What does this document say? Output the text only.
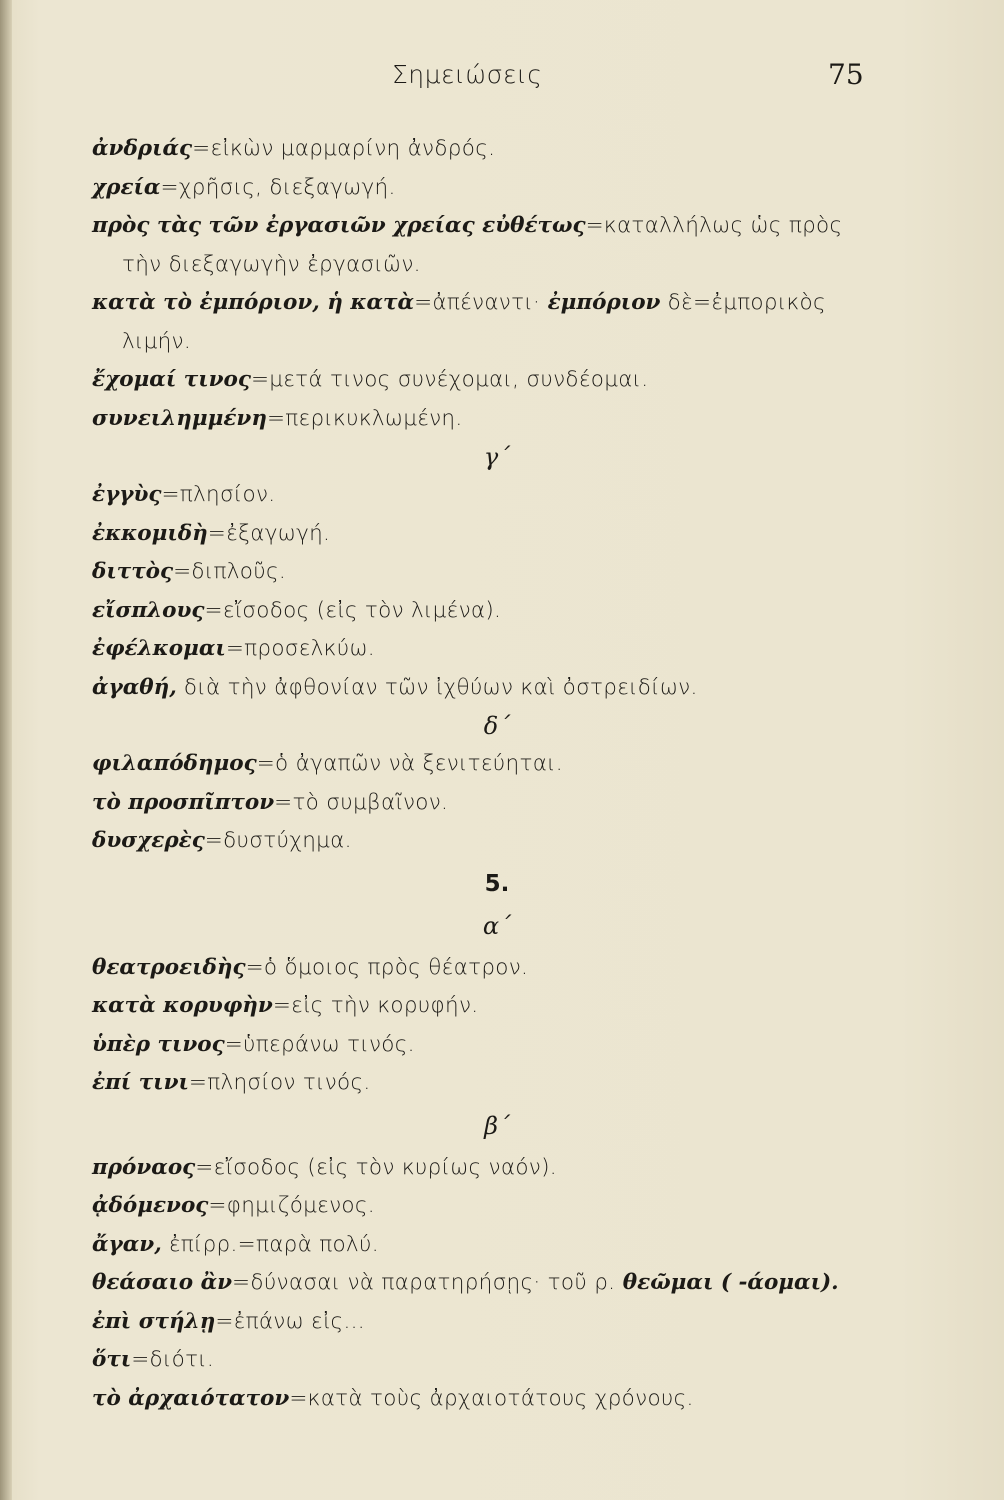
Σημειώσεις	75
ἀνδριάς=εἰκὼν μαρμαρίνη ἀνδρός.
χρεία=χρῆσις, διεξαγωγή.
πρὸς τὰς τῶν ἐργασιῶν χρείας εὐθέτως=καταλλήλως ὡς πρὸς
τὴν διεξαγωγὴν ἐργασιῶν.
κατὰ τὸ ἐμπόριον, ἡ κατὰ=ἀπέναντι· ἐμπόριον δὲ=ἐμπορικὸς
λιμήν.
ἔχομαί τινος=μετά τινος συνέχομαι, συνδέομαι.
συνειλημμένη=περικυκλωμένη.
γ΄
ἐγγὺς=πλησίον.
ἐκκομιδὴ=ἐξαγωγή.
διττὸς=διπλοῦς.
εἴσπλους=εἴσοδος (εἰς τὸν λιμένα).
ἐφέλκομαι=προσελκύω.
ἀγαθή, διὰ τὴν ἀφθονίαν τῶν ἰχθύων καὶ ὀστρειδίων.
δ΄
φιλαπόδημος=ὁ ἀγαπῶν νὰ ξενιτεύηται.
τὸ προσπῖπτον=τὸ συμβαῖνον.
δυσχερὲς=δυστύχημα.
5.
α΄
θεατροειδὴς=ὁ ὅμοιος πρὸς θέατρον.
κατὰ κορυφὴν=εἰς τὴν κορυφήν.
ὑπὲρ τινος=ὑπεράνω τινός.
ἐπί τινι=πλησίον τινός.
β΄
πρόναος=εἴσοδος (εἰς τὸν κυρίως ναόν).
ᾀδόμενος=φημιζόμενος.
ἄγαν, ἐπίρρ.=παρὰ πολύ.
θεάσαιο ἂν=δύνασαι νὰ παρατηρήσῃς· τοῦ ρ. θεῶμαι ( -άομαι).
ἐπὶ στήλῃ=ἐπάνω εἰς...
ὅτι=διότι.
τὸ ἀρχαιότατον=κατὰ τοὺς ἀρχαιοτάτους χρόνους.
